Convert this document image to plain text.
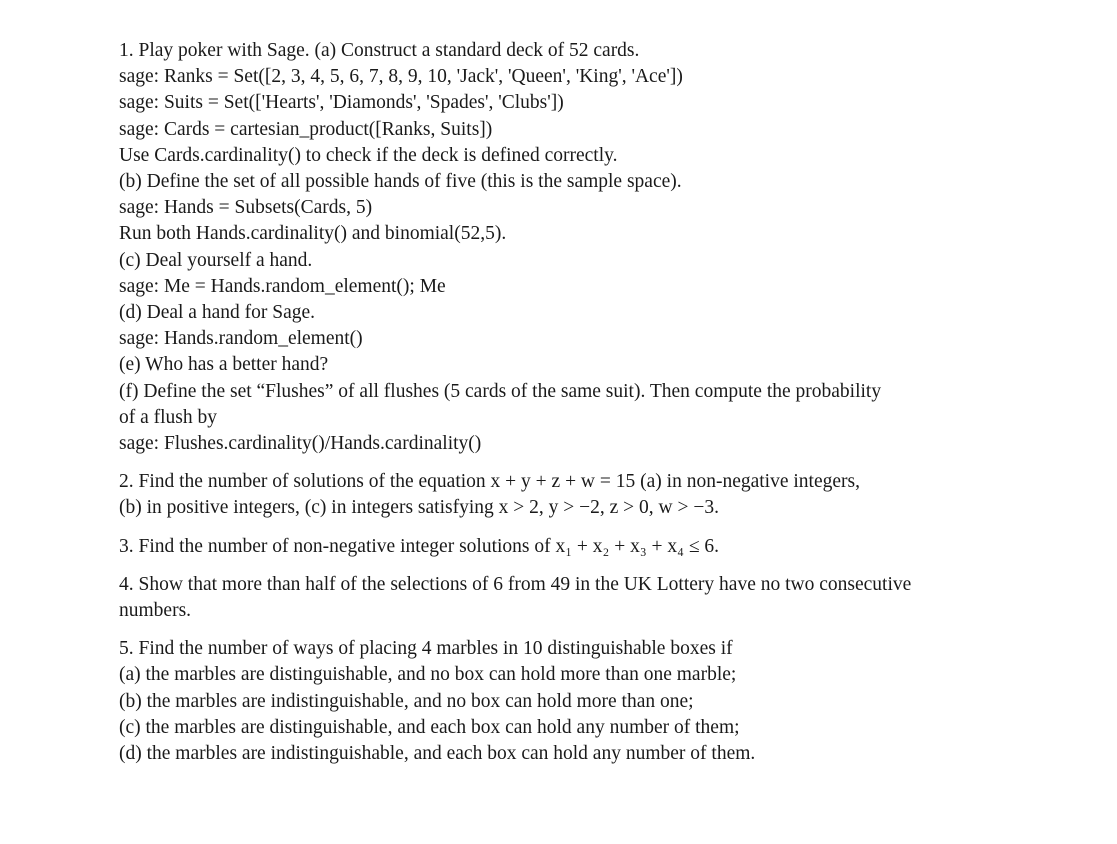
1. Play poker with Sage. (a) Construct a standard deck of 52 cards.
sage: Ranks = Set([2, 3, 4, 5, 6, 7, 8, 9, 10, 'Jack', 'Queen', 'King', 'Ace'])
sage: Suits = Set(['Hearts', 'Diamonds', 'Spades', 'Clubs'])
sage: Cards = cartesian_product([Ranks, Suits])
Use Cards.cardinality() to check if the deck is defined correctly.
(b) Define the set of all possible hands of five (this is the sample space).
sage: Hands = Subsets(Cards, 5)
Run both Hands.cardinality() and binomial(52,5).
(c) Deal yourself a hand.
sage: Me = Hands.random_element(); Me
(d) Deal a hand for Sage.
sage: Hands.random_element()
(e) Who has a better hand?
(f) Define the set “Flushes” of all flushes (5 cards of the same suit). Then compute the probability
of a flush by
sage: Flushes.cardinality()/Hands.cardinality()
2. Find the number of solutions of the equation x + y + z + w = 15 (a) in non-negative integers,
(b) in positive integers, (c) in integers satisfying x > 2, y > −2, z > 0, w > −3.
3. Find the number of non-negative integer solutions of x₁ + x₂ + x₃ + x₄ ≤ 6.
4. Show that more than half of the selections of 6 from 49 in the UK Lottery have no two consecutive
numbers.
5. Find the number of ways of placing 4 marbles in 10 distinguishable boxes if
(a) the marbles are distinguishable, and no box can hold more than one marble;
(b) the marbles are indistinguishable, and no box can hold more than one;
(c) the marbles are distinguishable, and each box can hold any number of them;
(d) the marbles are indistinguishable, and each box can hold any number of them.
